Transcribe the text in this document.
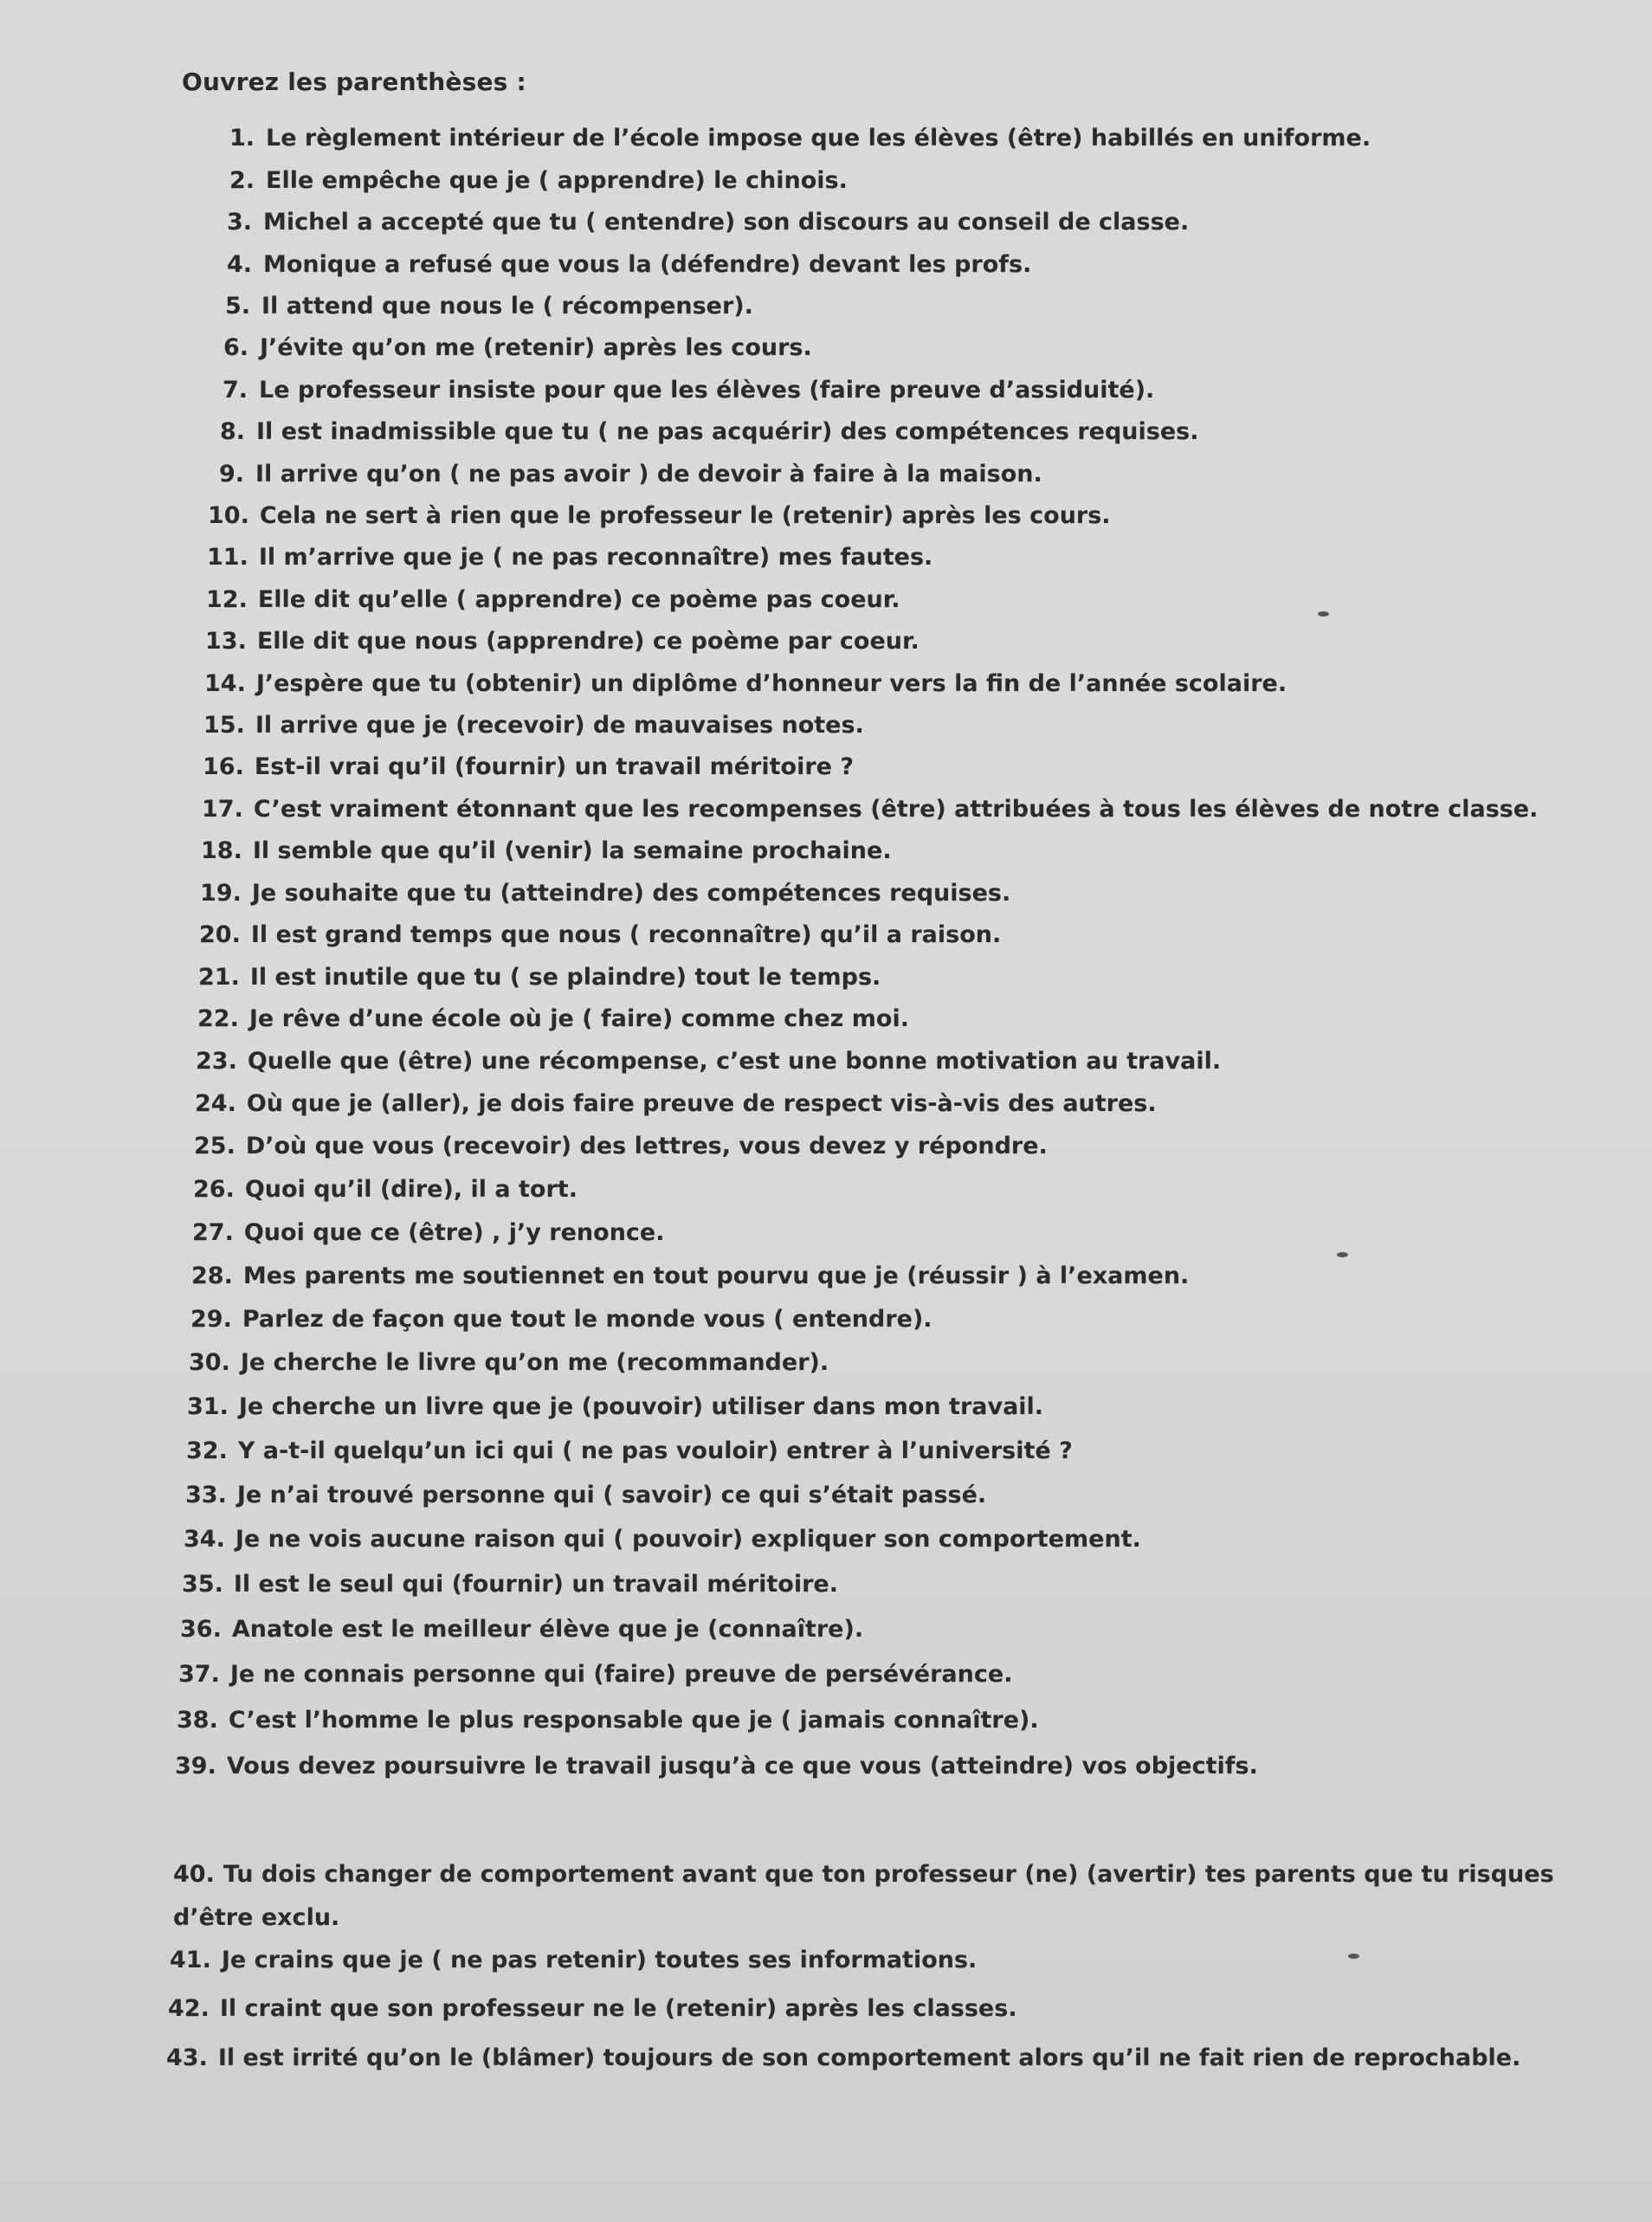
Ouvrez les parenthèses :
1. Le règlement intérieur de l’école impose que les élèves (être) habillés en uniforme.
2. Elle empêche que je ( apprendre) le chinois.
3. Michel a accepté que tu ( entendre) son discours au conseil de classe.
4. Monique a refusé que vous la (défendre) devant les profs.
5. Il attend que nous le ( récompenser).
6. J’évite qu’on me (retenir) après les cours.
7. Le professeur insiste pour que les élèves (faire preuve d’assiduité).
8. Il est inadmissible que tu ( ne pas acquérir) des compétences requises.
9. Il arrive qu’on ( ne pas avoir ) de devoir à faire à la maison.
10. Cela ne sert à rien que le professeur le (retenir) après les cours.
11. Il m’arrive que je ( ne pas reconnaître) mes fautes.
12. Elle dit qu’elle ( apprendre) ce poème pas coeur.
13. Elle dit que nous (apprendre) ce poème par coeur.
14. J’espère que tu (obtenir) un diplôme d’honneur vers la fin de l’année scolaire.
15. Il arrive que je (recevoir) de mauvaises notes.
16. Est-il vrai qu’il (fournir) un travail méritoire ?
17. C’est vraiment étonnant que les recompenses (être) attribuées à tous les élèves de notre classe.
18. Il semble que qu’il (venir) la semaine prochaine.
19. Je souhaite que tu (atteindre) des compétences requises.
20. Il est grand temps que nous ( reconnaître) qu’il a raison.
21. Il est inutile que tu ( se plaindre) tout le temps.
22. Je rêve d’une école où je ( faire) comme chez moi.
23. Quelle que (être) une récompense, c’est une bonne motivation au travail.
24. Où que je (aller), je dois faire preuve de respect vis-à-vis des autres.
25. D’où que vous (recevoir) des lettres, vous devez y répondre.
26. Quoi qu’il (dire), il a tort.
27. Quoi que ce (être) , j’y renonce.
28. Mes parents me soutiennet en tout pourvu que je (réussir ) à l’examen.
29. Parlez de façon que tout le monde vous ( entendre).
30. Je cherche le livre qu’on me (recommander).
31. Je cherche un livre que je (pouvoir) utiliser dans mon travail.
32. Y a-t-il quelqu’un ici qui ( ne pas vouloir) entrer à l’université ?
33. Je n’ai trouvé personne qui ( savoir) ce qui s’était passé.
34. Je ne vois aucune raison qui ( pouvoir) expliquer son comportement.
35. Il est le seul qui (fournir) un travail méritoire.
36. Anatole est le meilleur élève que je (connaître).
37. Je ne connais personne qui (faire) preuve de persévérance.
38. C’est l’homme le plus responsable que je ( jamais connaître).
39. Vous devez poursuivre le travail jusqu’à ce que vous (atteindre) vos objectifs.
40. Tu dois changer de comportement avant que ton professeur (ne) (avertir) tes parents que tu risques d’être exclu.
41. Je crains que je ( ne pas retenir) toutes ses informations.
42. Il craint que son professeur ne le (retenir) après les classes.
43. Il est irrité qu’on le (blâmer) toujours de son comportement alors qu’il ne fait rien de reprochable.
